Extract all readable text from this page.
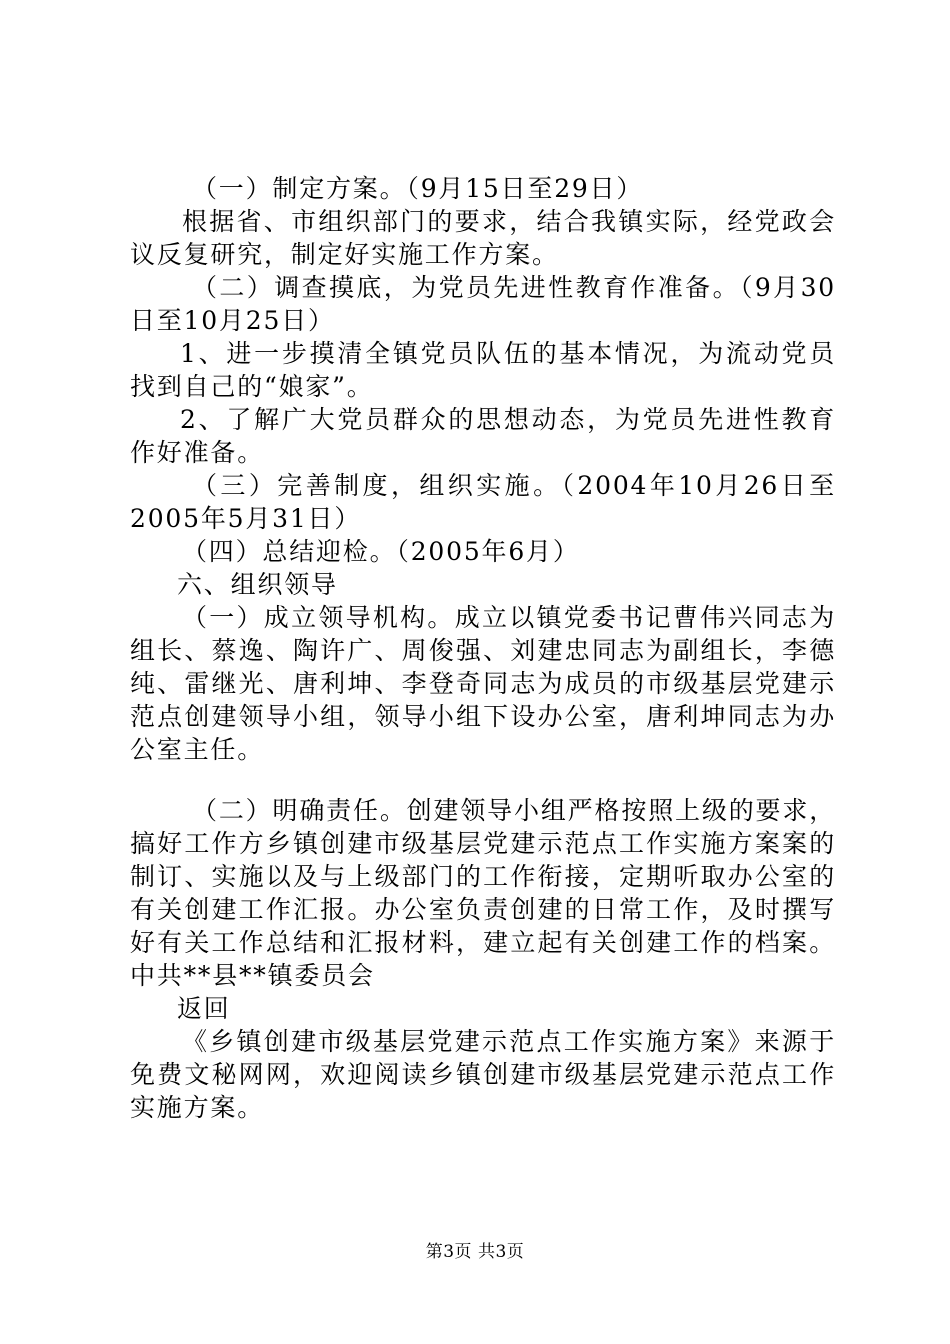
（一）制定方案。（9月15日至29日）

根据省、市组织部门的要求，结合我镇实际，经党政会议反复研究，制定好实施工作方案。

（二）调查摸底，为党员先进性教育作准备。（9月30日至10月25日）

1、进一步摸清全镇党员队伍的基本情况，为流动党员找到自己的“娘家”。

2、了解广大党员群众的思想动态，为党员先进性教育作好准备。

（三）完善制度，组织实施。（2004年10月26日至2005年5月31日）

（四）总结迎检。（2005年6月）

六、组织领导

（一）成立领导机构。成立以镇党委书记曹伟兴同志为组长、蔡逸、陶许广、周俊强、刘建忠同志为副组长，李德纯、雷继光、唐利坤、李登奇同志为成员的市级基层党建示范点创建领导小组，领导小组下设办公室，唐利坤同志为办公室主任。

（二）明确责任。创建领导小组严格按照上级的要求，搞好工作方乡镇创建市级基层党建示范点工作实施方案案的制订、实施以及与上级部门的工作衔接，定期听取办公室的有关创建工作汇报。办公室负责创建的日常工作，及时撰写好有关工作总结和汇报材料，建立起有关创建工作的档案。中共**县**镇委员会

返回

《乡镇创建市级基层党建示范点工作实施方案》来源于免费文秘网网，欢迎阅读乡镇创建市级基层党建示范点工作实施方案。

第3页 共3页
